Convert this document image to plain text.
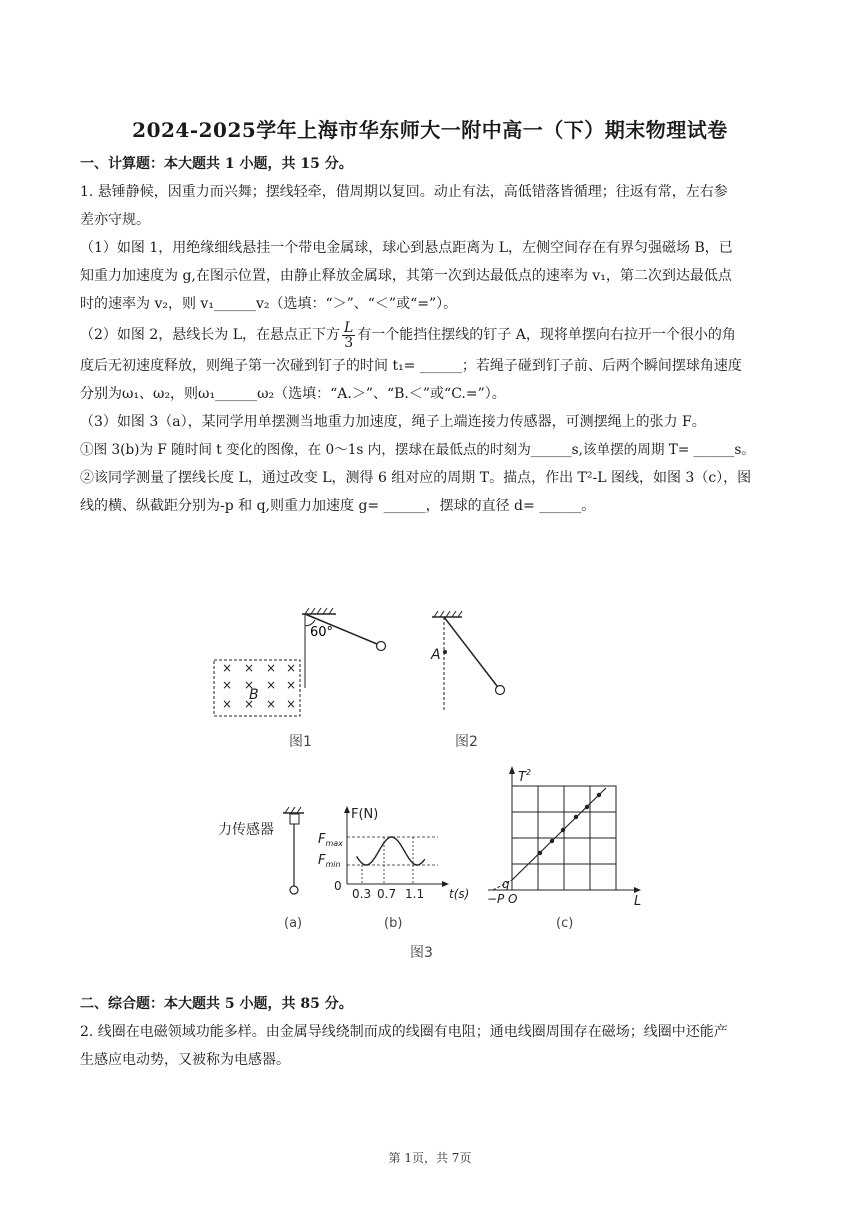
2024-2025学年上海市华东师大一附中高一（下）期末物理试卷

一、计算题：本大题共 1 小题，共 15 分。

1. 悬锤静候，因重力而兴舞；摆线轻牵，借周期以复回。动止有法，高低错落皆循理；往返有常，左右参

差亦守规。

（1）如图 1，用绝缘细线悬挂一个带电金属球，球心到悬点距离为 L，左侧空间存在有界匀强磁场 B，已

知重力加速度为 g,在图示位置，由静止释放金属球，其第一次到达最低点的速率为 v₁，第二次到达最低点

时的速率为 v₂，则 v₁______v₂（选填：“＞”、“＜”或“=”）。

（2）如图 2，悬线长为 L，在悬点正下方 $\frac{L}{3}$ 有一个能挡住摆线的钉子 A，现将单摆向右拉开一个很小的角

度后无初速度释放，则绳子第一次碰到钉子的时间 t₁= ______；若绳子碰到钉子前、后两个瞬间摆球角速度

分别为ω₁、ω₂，则ω₁______ω₂（选填：“A.＞”、“B.＜”或“C.=”）。

（3）如图 3（a），某同学用单摆测当地重力加速度，绳子上端连接力传感器，可测摆绳上的张力 F。

①图 3(b)为 F 随时间 t 变化的图像，在 0～1s 内，摆球在最低点的时刻为______s,该单摆的周期 T= ______s。

②该同学测量了摆线长度 L，通过改变 L，测得 6 组对应的周期 T。描点，作出 T²-L 图线，如图 3（c），图

线的横、纵截距分别为-p 和 q,则重力加速度 g= ______，摆球的直径 d= ______。

60°
× × × ×
× × × ×
× × × ×
B
图1
A
图2
力传感器
(a)
F(N)
$F_{max}$
$F_{min}$
0
0.3 0.7 1.1 t(s)
(b)
$T^2$
L
q
−P O
(c)
图3

二、综合题：本大题共 5 小题，共 85 分。

2. 线圈在电磁领域功能多样。由金属导线绕制而成的线圈有电阻；通电线圈周围存在磁场；线圈中还能产

生感应电动势，又被称为电感器。

第 1页，共 7页
